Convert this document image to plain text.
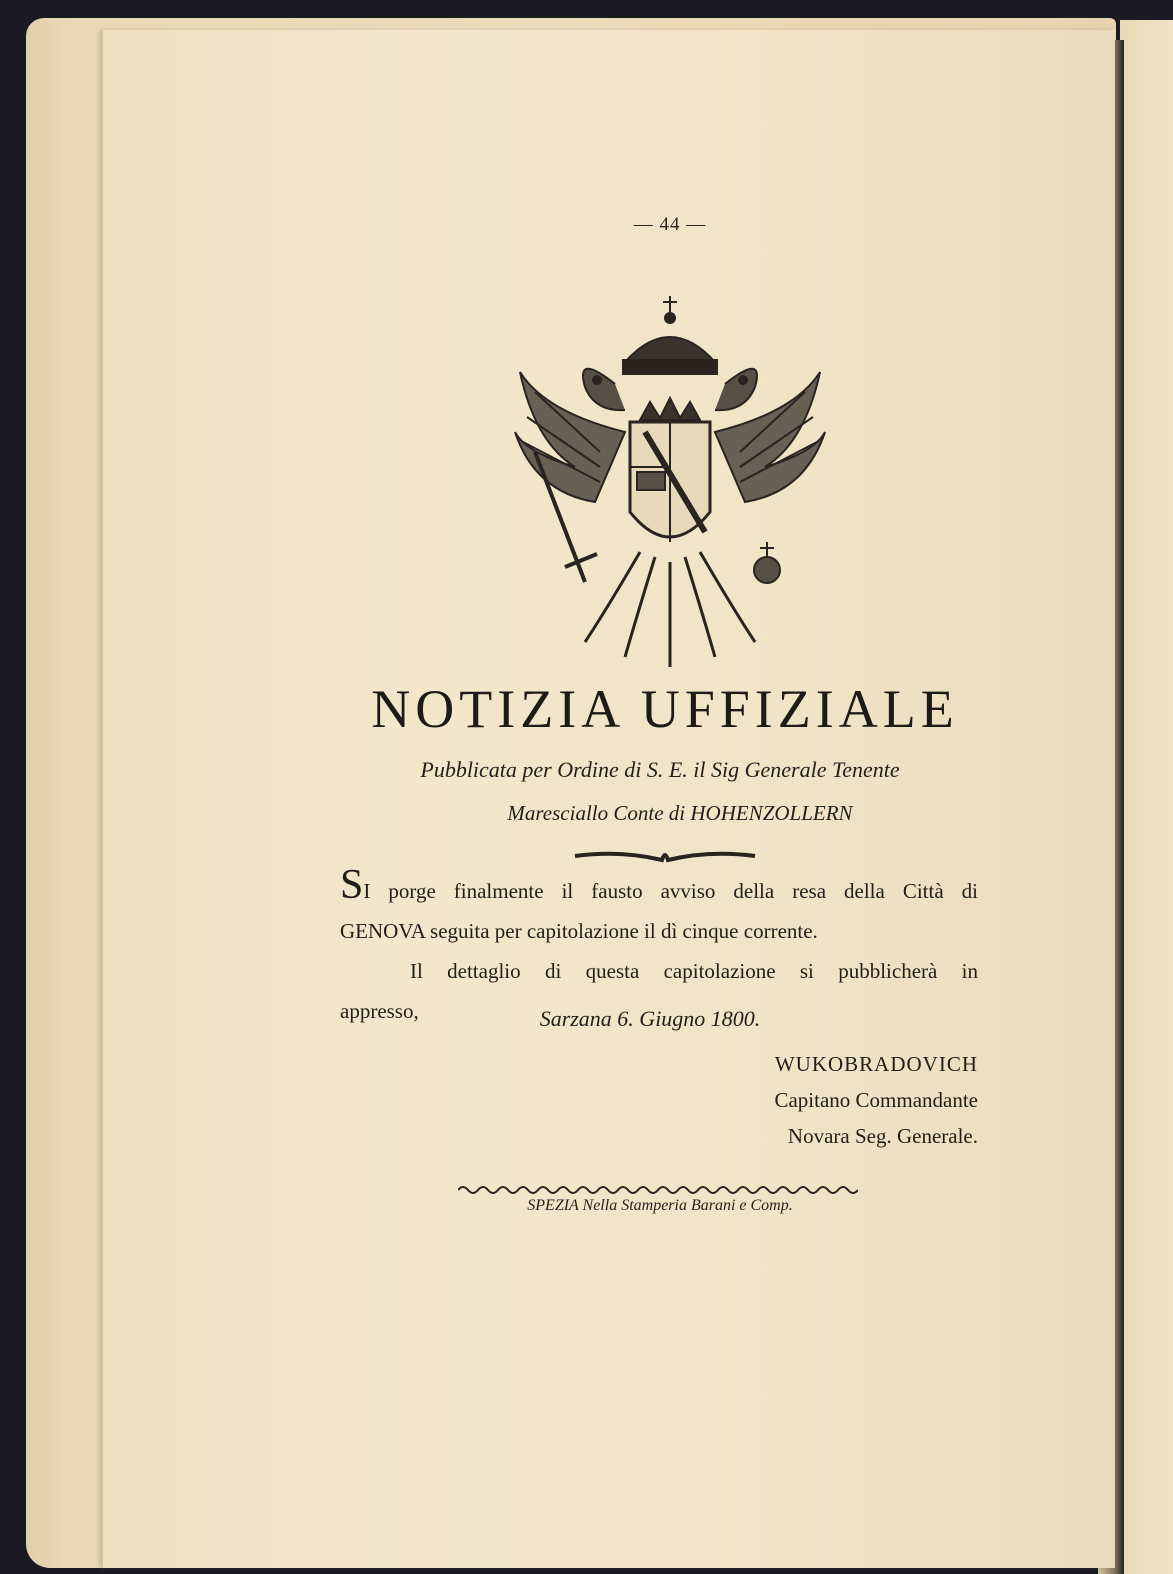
— 44 —
NOTIZIA UFFIZIALE
Pubblicata per Ordine di S. E. il Sig Generale Tenente
Maresciallo Conte di HOHENZOLLERN
SI porge finalmente il fausto avviso della resa della Città di
GENOVA seguita per capitolazione il dì cinque corrente.
Il dettaglio di questa capitolazione si pubblicherà in
appresso,	Sarzana 6. Giugno 1800.
WUKOBRADOVICH
Capitano Commandante
Novara Seg. Generale.
SPEZIA Nella Stamperia Barani e Comp.
